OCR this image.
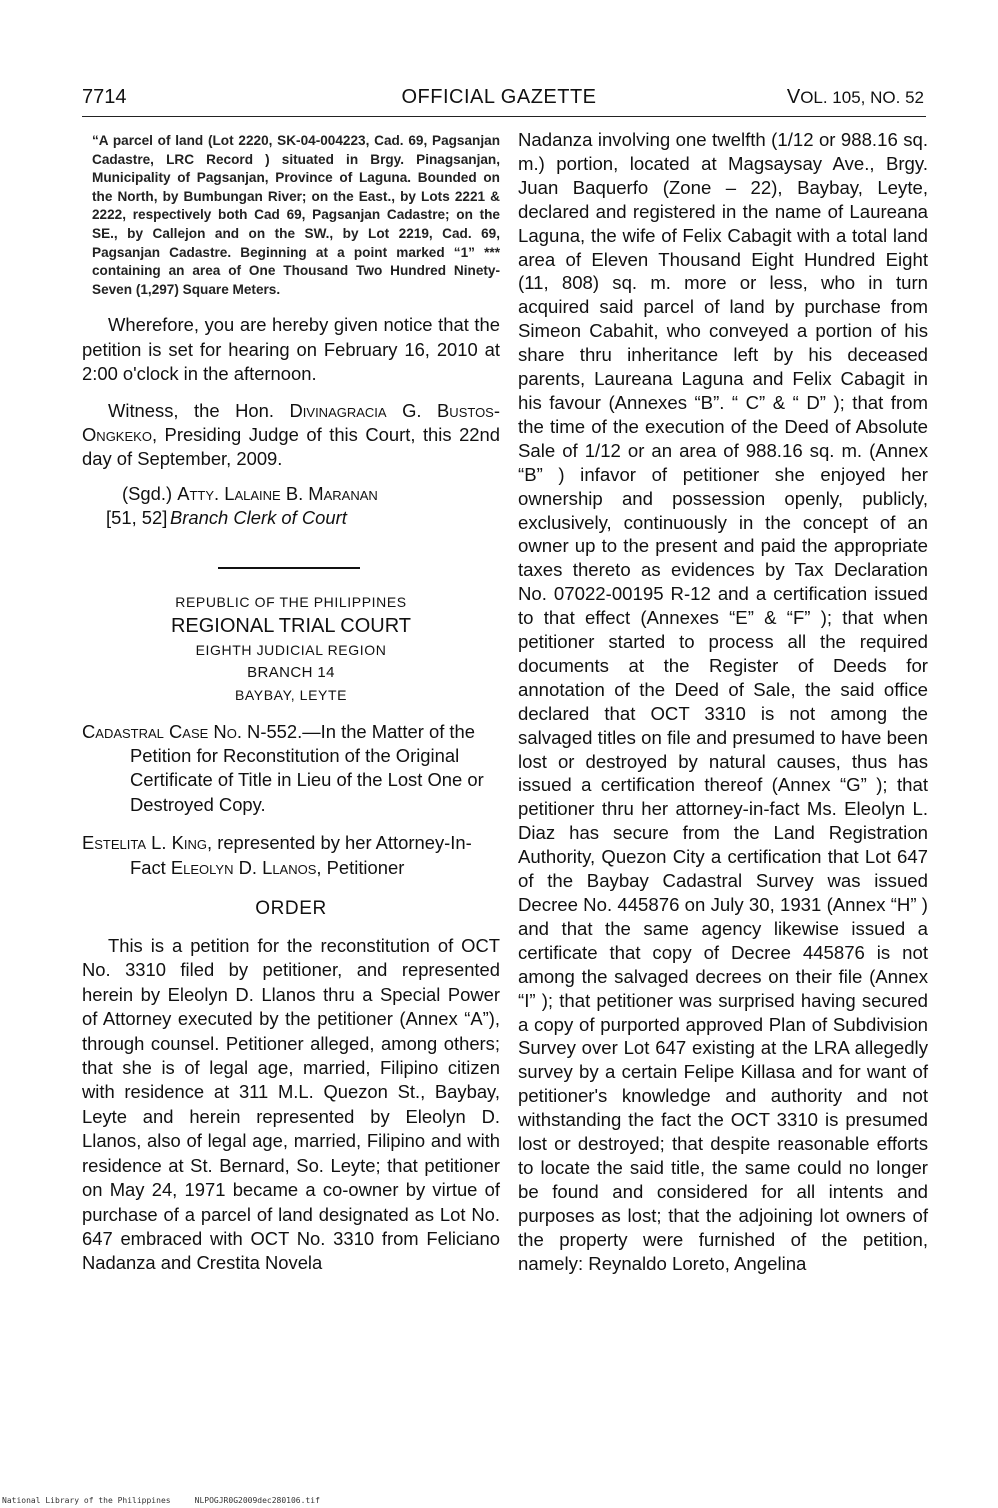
7714	OFFICIAL GAZETTE	VOL. 105, NO. 52

“A parcel of land (Lot 2220, SK-04-004223, Cad. 69, Pagsanjan Cadastre, LRC Record ) situated in Brgy. Pinagsanjan, Municipality of Pagsanjan, Province of Laguna. Bounded on the North, by Bumbungan River; on the East., by Lots 2221 & 2222, respectively both Cad 69, Pagsanjan Cadastre; on the SE., by Callejon and on the SW., by Lot 2219, Cad. 69, Pagsanjan Cadastre. Beginning at a point marked “1” *** containing an area of One Thousand Two Hundred Ninety-Seven (1,297) Square Meters.

Wherefore, you are hereby given notice that the petition is set for hearing on February 16, 2010 at 2:00 o'clock in the afternoon.

Witness, the Hon. Divinagracia G. Bustos-Ongkeko, Presiding Judge of this Court, this 22nd day of September, 2009.

(Sgd.) Atty. Lalaine B. Maranan
[51, 52] Branch Clerk of Court
REPUBLIC OF THE PHILIPPINES
REGIONAL TRIAL COURT
EIGHTH JUDICIAL REGION
BRANCH 14
BAYBAY, LEYTE

Cadastral Case No. N-552.—In the Matter of the Petition for Reconstitution of the Original Certificate of Title in Lieu of the Lost One or Destroyed Copy.

Estelita L. King, represented by her Attorney-In-Fact Eleolyn D. Llanos, Petitioner

ORDER

This is a petition for the reconstitution of OCT No. 3310 filed by petitioner, and represented herein by Eleolyn D. Llanos thru a Special Power of Attorney executed by the petitioner (Annex “A”), through counsel. Petitioner alleged, among others; that she is of legal age, married, Filipino citizen with residence at 311 M.L. Quezon St., Baybay, Leyte and herein represented by Eleolyn D. Llanos, also of legal age, married, Filipino and with residence at St. Bernard, So. Leyte; that petitioner on May 24, 1971 became a co-owner by virtue of purchase of a parcel of land designated as Lot No. 647 embraced with OCT No. 3310 from Feliciano Nadanza and Crestita Novela

Nadanza involving one twelfth (1/12 or 988.16 sq. m.) portion, located at Magsaysay Ave., Brgy. Juan Baquerfo (Zone – 22), Baybay, Leyte, declared and registered in the name of Laureana Laguna, the wife of Felix Cabagit with a total land area of Eleven Thousand Eight Hundred Eight (11, 808) sq. m. more or less, who in turn acquired said parcel of land by purchase from Simeon Cabahit, who conveyed a portion of his share thru inheritance left by his deceased parents, Laureana Laguna and Felix Cabagit in his favour (Annexes “B”. “ C” & “ D” ); that from the time of the execution of the Deed of Absolute Sale of 1/12 or an area of 988.16 sq. m. (Annex “B” ) infavor of petitioner she enjoyed her ownership and possession openly, publicly, exclusively, continuously in the concept of an owner up to the present and paid the appropriate taxes thereto as evidences by Tax Declaration No. 07022-00195 R-12 and a certification issued to that effect (Annexes “E” & “F” ); that when petitioner started to process all the required documents at the Register of Deeds for annotation of the Deed of Sale, the said office declared that OCT 3310 is not among the salvaged titles on file and presumed to have been lost or destroyed by natural causes, thus has issued a certification thereof (Annex “G” ); that petitioner thru her attorney-in-fact Ms. Eleolyn L. Diaz has secure from the Land Registration Authority, Quezon City a certification that Lot 647 of the Baybay Cadastral Survey was issued Decree No. 445876 on July 30, 1931 (Annex “H” ) and that the same agency likewise issued a certificate that copy of Decree 445876 is not among the salvaged decrees on their file (Annex “I” ); that petitioner was surprised having secured a copy of purported approved Plan of Subdivision Survey over Lot 647 existing at the LRA allegedly survey by a certain Felipe Killasa and for want of petitioner's knowledge and authority and not withstanding the fact the OCT 3310 is presumed lost or destroyed; that despite reasonable efforts to locate the said title, the same could no longer be found and considered for all intents and purposes as lost; that the adjoining lot owners of the property were furnished of the petition, namely: Reynaldo Loreto, Angelina

National Library of the Philippines     NLPOGJR0G2009dec280106.tif
